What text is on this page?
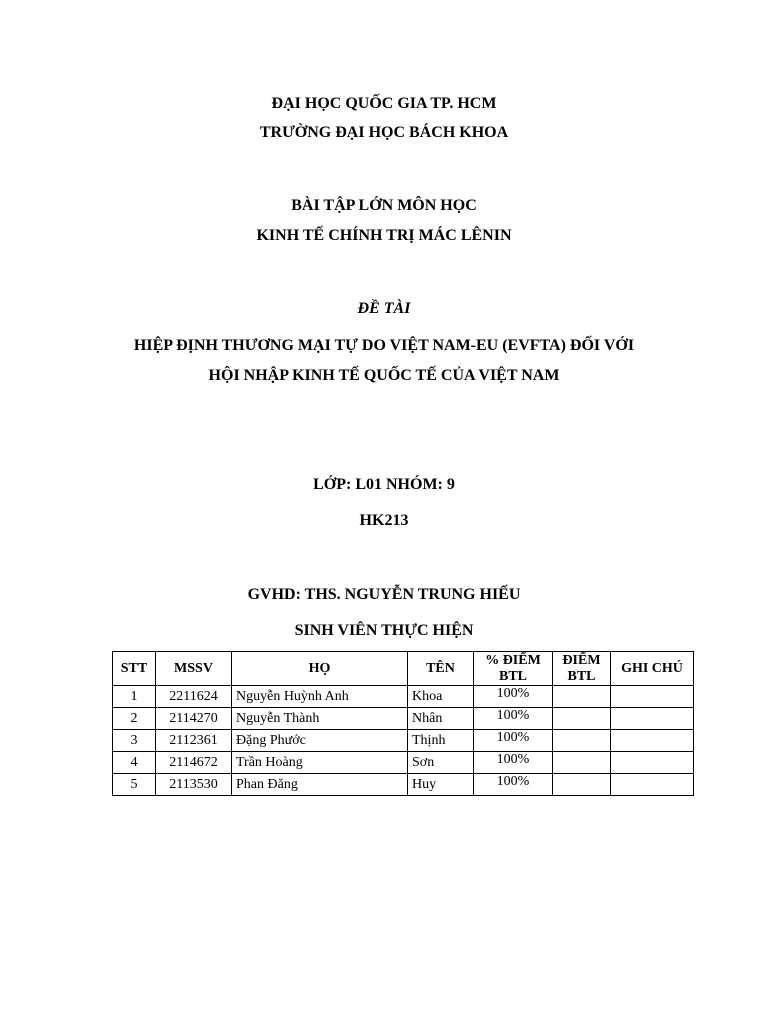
ĐẠI HỌC QUỐC GIA TP. HCM
TRƯỜNG ĐẠI HỌC BÁCH KHOA
BÀI TẬP LỚN MÔN HỌC
KINH TẾ CHÍNH TRỊ MÁC LÊNIN
ĐỀ TÀI
HIỆP ĐỊNH THƯƠNG MẠI TỰ DO VIỆT NAM-EU (EVFTA) ĐỐI VỚI
HỘI NHẬP KINH TẾ QUỐC TẾ CỦA VIỆT NAM
LỚP: L01 NHÓM: 9
HK213
GVHD: THS. NGUYỄN TRUNG HIẾU
SINH VIÊN THỰC HIỆN
STT	MSSV	HỌ	TÊN	% ĐIỂM BTL	ĐIỂM BTL	GHI CHÚ
1	2211624	Nguyễn Huỳnh Anh	Khoa	100%		
2	2114270	Nguyễn Thành	Nhân	100%		
3	2112361	Đặng Phước	Thịnh	100%		
4	2114672	Trần Hoàng	Sơn	100%		
5	2113530	Phan Đăng	Huy	100%		
